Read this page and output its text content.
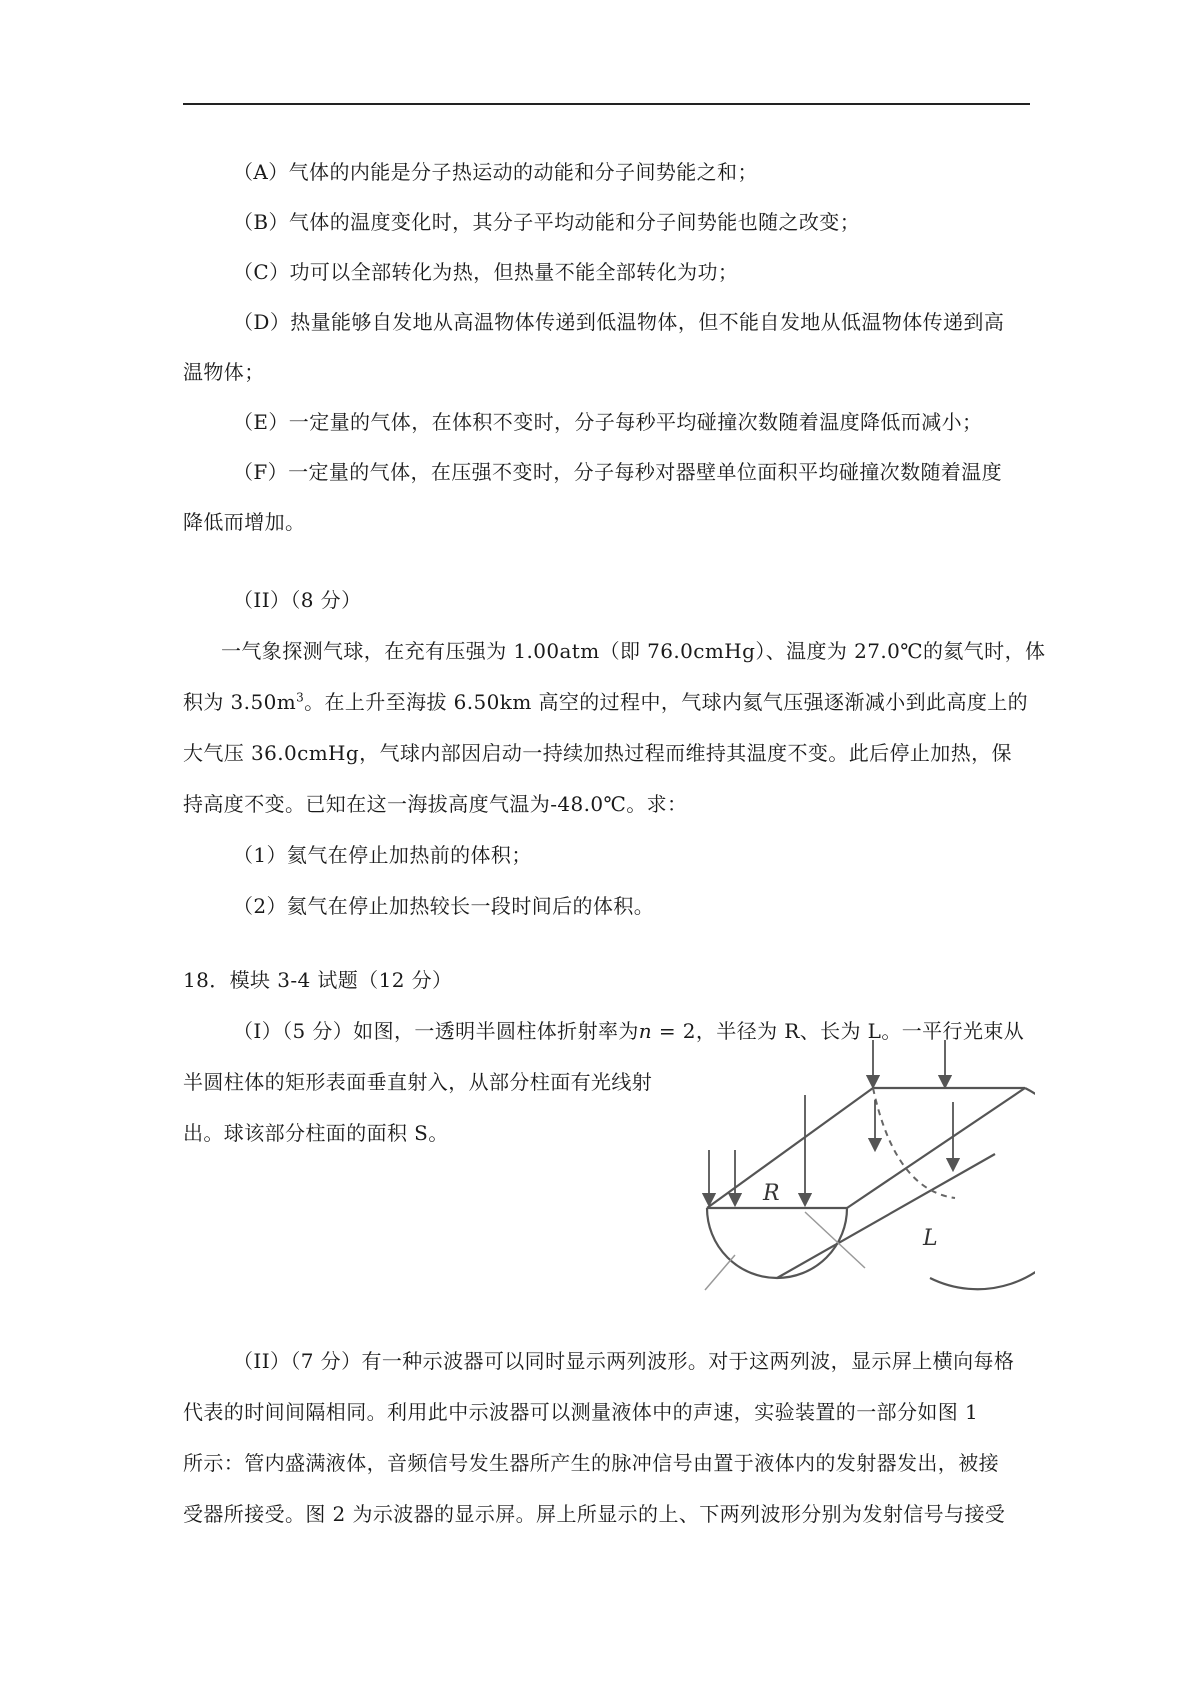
（A）气体的内能是分子热运动的动能和分子间势能之和；
（B）气体的温度变化时，其分子平均动能和分子间势能也随之改变；
（C）功可以全部转化为热，但热量不能全部转化为功；
（D）热量能够自发地从高温物体传递到低温物体，但不能自发地从低温物体传递到高
温物体；
（E）一定量的气体，在体积不变时，分子每秒平均碰撞次数随着温度降低而减小；
（F）一定量的气体，在压强不变时，分子每秒对器壁单位面积平均碰撞次数随着温度
降低而增加。
（II）（8 分）
一气象探测气球，在充有压强为 1.00atm（即 76.0cmHg）、温度为 27.0℃的氦气时，体
积为 $3.50m^3$。在上升至海拔 6.50km 高空的过程中，气球内氦气压强逐渐减小到此高度上的
大气压 36.0cmHg，气球内部因启动一持续加热过程而维持其温度不变。此后停止加热，保
持高度不变。已知在这一海拔高度气温为-48.0℃。求：
（1）氦气在停止加热前的体积；
（2）氦气在停止加热较长一段时间后的体积。
18．模块 3-4 试题（12 分）
（I）（5 分）如图，一透明半圆柱体折射率为n = 2，半径为 R、长为 L。一平行光束从
半圆柱体的矩形表面垂直射入，从部分柱面有光线射
出。球该部分柱面的面积 S。
R
L
（II）（7 分）有一种示波器可以同时显示两列波形。对于这两列波，显示屏上横向每格
代表的时间间隔相同。利用此中示波器可以测量液体中的声速，实验装置的一部分如图 1
所示：管内盛满液体，音频信号发生器所产生的脉冲信号由置于液体内的发射器发出，被接
受器所接受。图 2 为示波器的显示屏。屏上所显示的上、下两列波形分别为发射信号与接受
